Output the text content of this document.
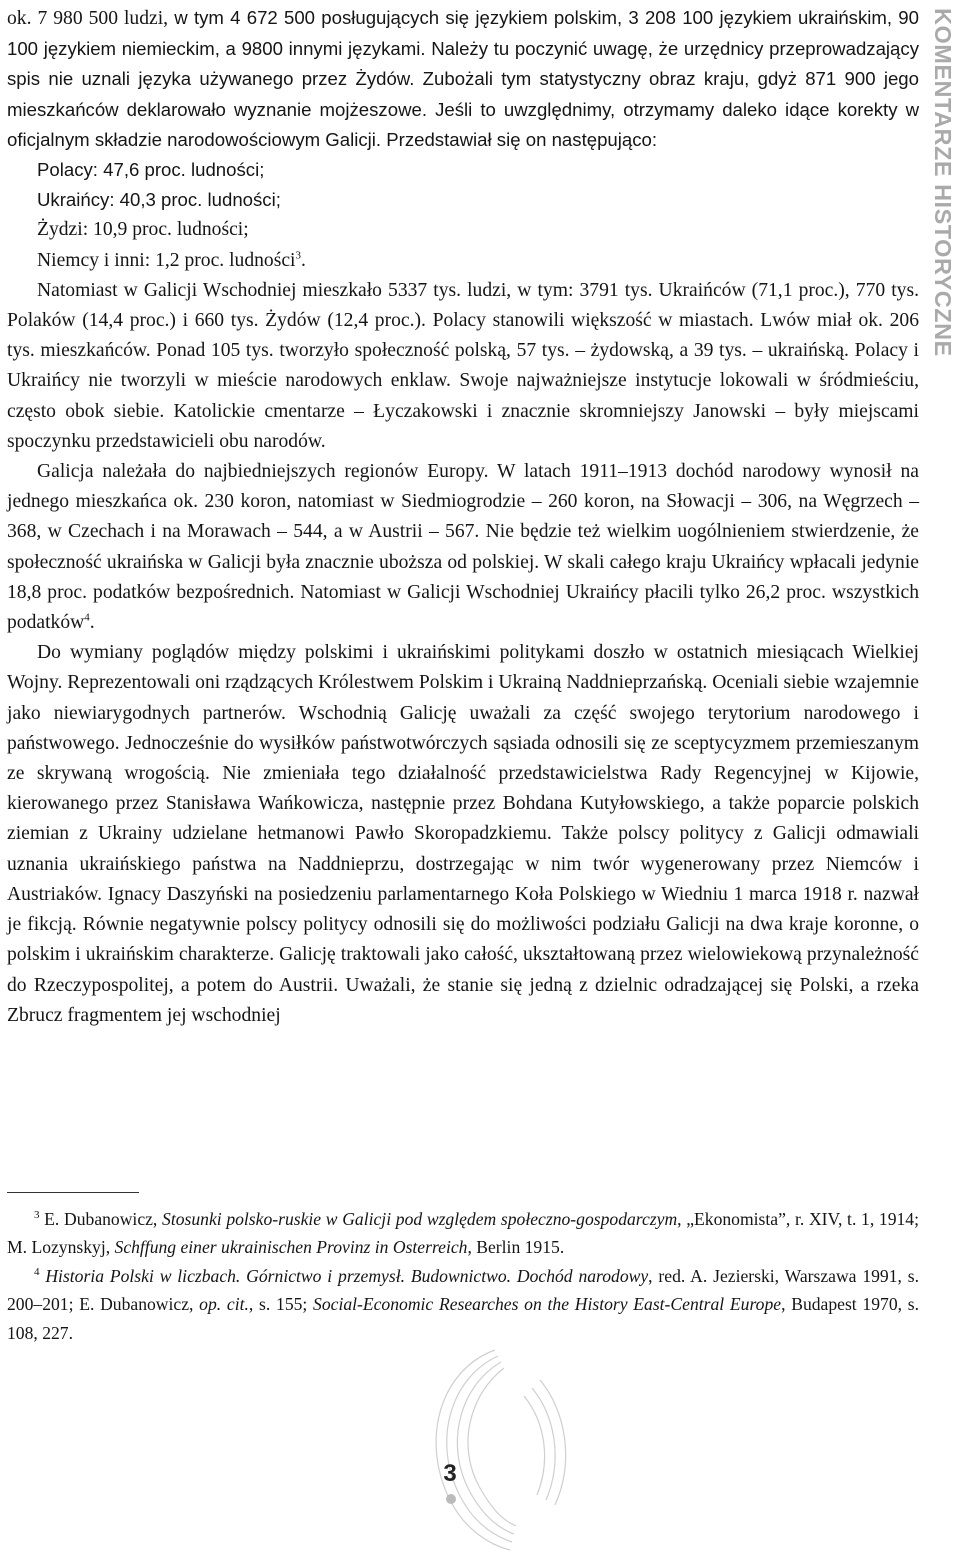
KOMENTARZE HISTORYCZNE

ok. 7 980 500 ludzi, w tym 4 672 500 posługujących się językiem polskim, 3 208 100 językiem ukraińskim, 90 100 językiem niemieckim, a 9800 innymi językami. Należy tu poczynić uwagę, że urzędnicy przeprowadzający spis nie uznali języka używanego przez Żydów. Zubożali tym statystyczny obraz kraju, gdyż 871 900 jego mieszkańców deklarowało wyznanie mojżeszowe. Jeśli to uwzględnimy, otrzymamy daleko idące korekty w oficjalnym składzie narodowościowym Galicji. Przedstawiał się on następująco:

Polacy: 47,6 proc. ludności;
Ukraińcy: 40,3 proc. ludności;
Żydzi: 10,9 proc. ludności;
Niemcy i inni: 1,2 proc. ludności$^3$.

Natomiast w Galicji Wschodniej mieszkało 5337 tys. ludzi, w tym: 3791 tys. Ukraińców (71,1 proc.), 770 tys. Polaków (14,4 proc.) i 660 tys. Żydów (12,4 proc.). Polacy stanowili większość w miastach. Lwów miał ok. 206 tys. mieszkańców. Ponad 105 tys. tworzyło społeczność polską, 57 tys. – żydowską, a 39 tys. – ukraińską. Polacy i Ukraińcy nie tworzyli w mieście narodowych enklaw. Swoje najważniejsze instytucje lokowali w śródmieściu, często obok siebie. Katolickie cmentarze – Łyczakowski i znacznie skromniejszy Janowski – były miejscami spoczynku przedstawicieli obu narodów.

Galicja należała do najbiedniejszych regionów Europy. W latach 1911–1913 dochód narodowy wynosił na jednego mieszkańca ok. 230 koron, natomiast w Siedmiogrodzie – 260 koron, na Słowacji – 306, na Węgrzech – 368, w Czechach i na Morawach – 544, a w Austrii – 567. Nie będzie też wielkim uogólnieniem stwierdzenie, że społeczność ukraińska w Galicji była znacznie uboższa od polskiej. W skali całego kraju Ukraińcy wpłacali jedynie 18,8 proc. podatków bezpośrednich. Natomiast w Galicji Wschodniej Ukraińcy płacili tylko 26,2 proc. wszystkich podatków$^4$.

Do wymiany poglądów między polskimi i ukraińskimi politykami doszło w ostatnich miesiącach Wielkiej Wojny. Reprezentowali oni rządzących Królestwem Polskim i Ukrainą Naddnieprzańską. Oceniali siebie wzajemnie jako niewiarygodnych partnerów. Wschodnią Galicję uważali za część swojego terytorium narodowego i państwowego. Jednocześnie do wysiłków państwotwórczych sąsiada odnosili się ze sceptycyzmem przemieszanym ze skrywaną wrogością. Nie zmieniała tego działalność przedstawicielstwa Rady Regencyjnej w Kijowie, kierowanego przez Stanisława Wańkowicza, następnie przez Bohdana Kutyłowskiego, a także poparcie polskich ziemian z Ukrainy udzielane hetmanowi Pawło Skoropadzkiemu. Także polscy politycy z Galicji odmawiali uznania ukraińskiego państwa na Naddnieprzu, dostrzegając w nim twór wygenerowany przez Niemców i Austriaków. Ignacy Daszyński na posiedzeniu parlamentarnego Koła Polskiego w Wiedniu 1 marca 1918 r. nazwał je fikcją. Równie negatywnie polscy politycy odnosili się do możliwości podziału Galicji na dwa kraje koronne, o polskim i ukraińskim charakterze. Galicję traktowali jako całość, ukształtowaną przez wielowiekową przynależność do Rzeczypospolitej, a potem do Austrii. Uważali, że stanie się jedną z dzielnic odradzającej się Polski, a rzeka Zbrucz fragmentem jej wschodniej

$^3$ E. Dubanowicz, Stosunki polsko-ruskie w Galicji pod względem społeczno-gospodarczym, „Ekonomista”, r. XIV, t. 1, 1914; M. Lozynskyj, Schffung einer ukrainischen Provinz in Osterreich, Berlin 1915.

$^4$ Historia Polski w liczbach. Górnictwo i przemysł. Budownictwo. Dochód narodowy, red. A. Jezierski, Warszawa 1991, s. 200–201; E. Dubanowicz, op. cit., s. 155; Social-Economic Researches on the History East-Central Europe, Budapest 1970, s. 108, 227.

3
